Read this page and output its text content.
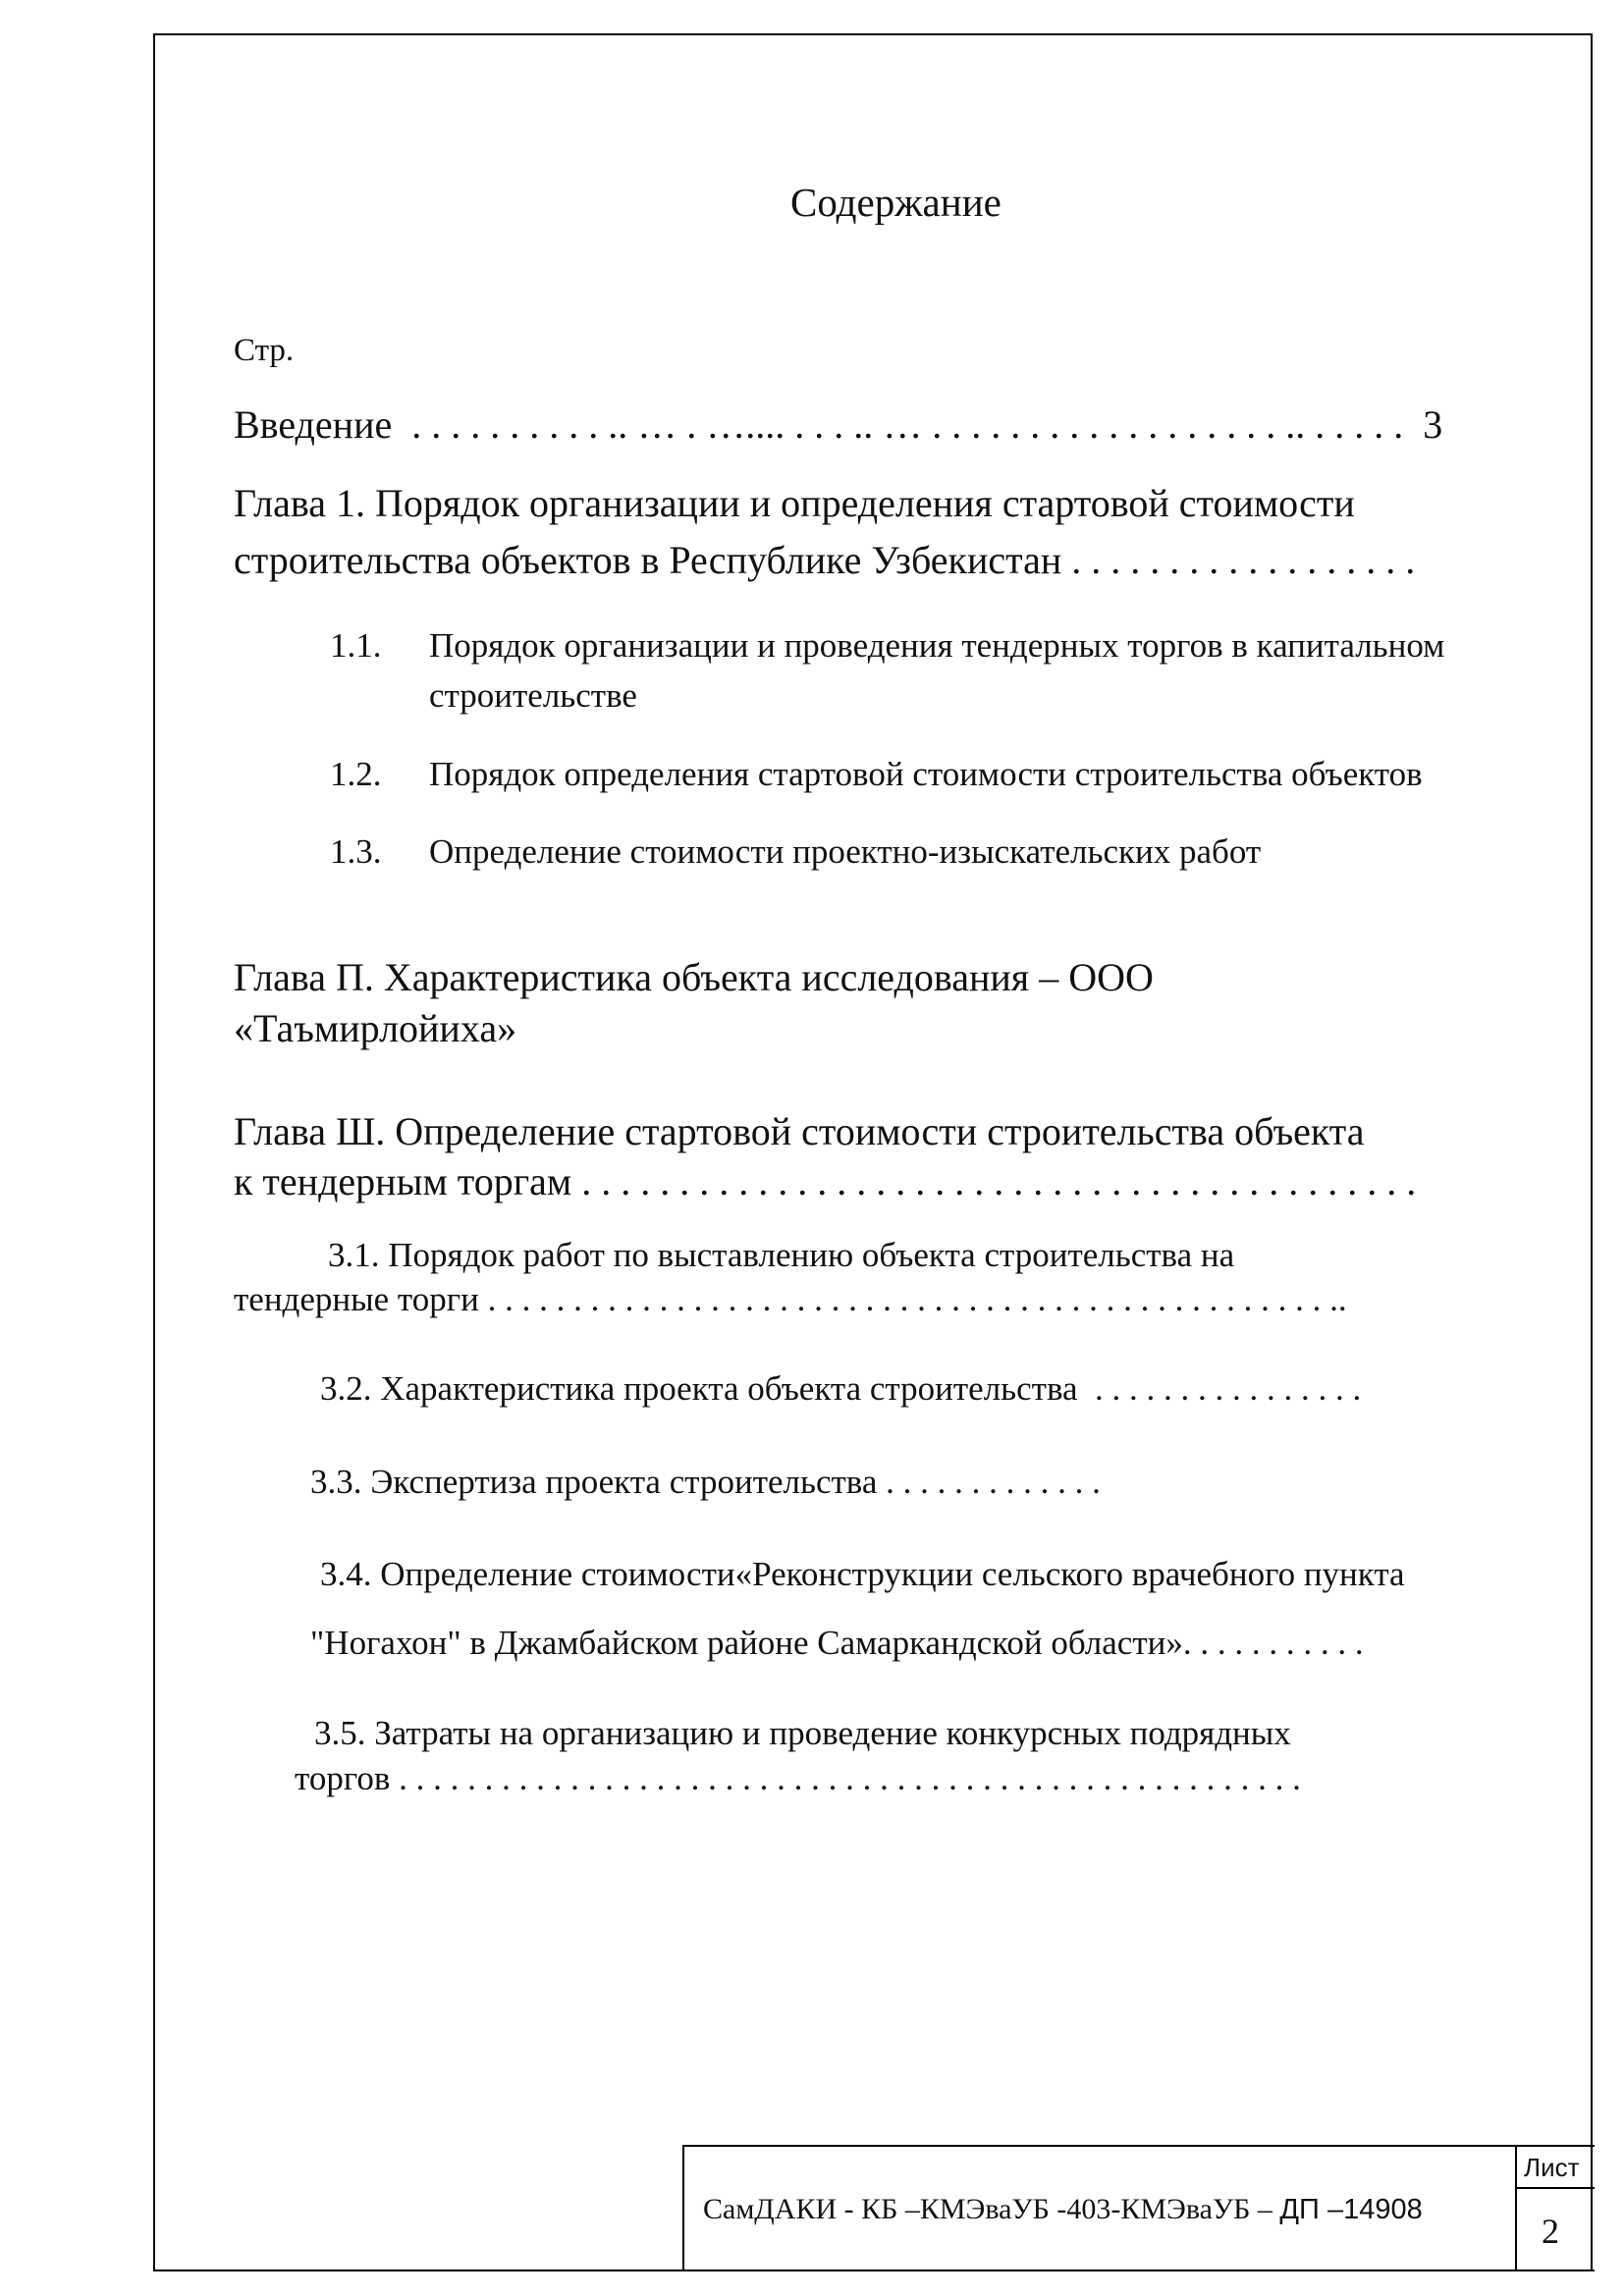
Содержание
Стр.
Введение  . . . . . . . . . . .. … . ….... . . . .. … . . . . . . . . . . . . . . . . . . .. . . . . .  3
Глава 1. Порядок организации и определения стартовой стоимости
строительства объектов в Республике Узбекистан . . . . . . . . . . . . . . . . . .
1.1. Порядок организации и проведения тендерных торгов в капитальном
строительстве
1.2. Порядок определения стартовой стоимости строительства объектов
1.3. Определение стоимости проектно-изыскательских работ
Глава П. Характеристика объекта исследования – ООО
«Таъмирлойиха»
Глава Ш. Определение стартовой стоимости строительства объекта
к тендерным торгам . . . . . . . . . . . . . . . . . . . . . . . . . . . . . . . . . . . . . . . . . . .
3.1. Порядок работ по выставлению объекта строительства на
тендерные торги . . . . . . . . . . . . . . . . . . . . . . . . . . . . . . . . . . . . . . . . . . . . . . . . . ..
3.2. Характеристика проекта объекта строительства  . . . . . . . . . . . . . . . .
3.3. Экспертиза проекта строительства . . . . . . . . . . . . .
3.4. Определение стоимости«Реконструкции сельского врачебного пункта
"Ногахон" в Джамбайском районе Самаркандской области». . . . . . . . . . .
3.5. Затраты на организацию и проведение конкурсных подрядных
торгов . . . . . . . . . . . . . . . . . . . . . . . . . . . . . . . . . . . . . . . . . . . . . . . . . . . . .
СамДАКИ - КБ –КМЭваУБ -403-КМЭваУБ – ДП –14908
Лист
2
